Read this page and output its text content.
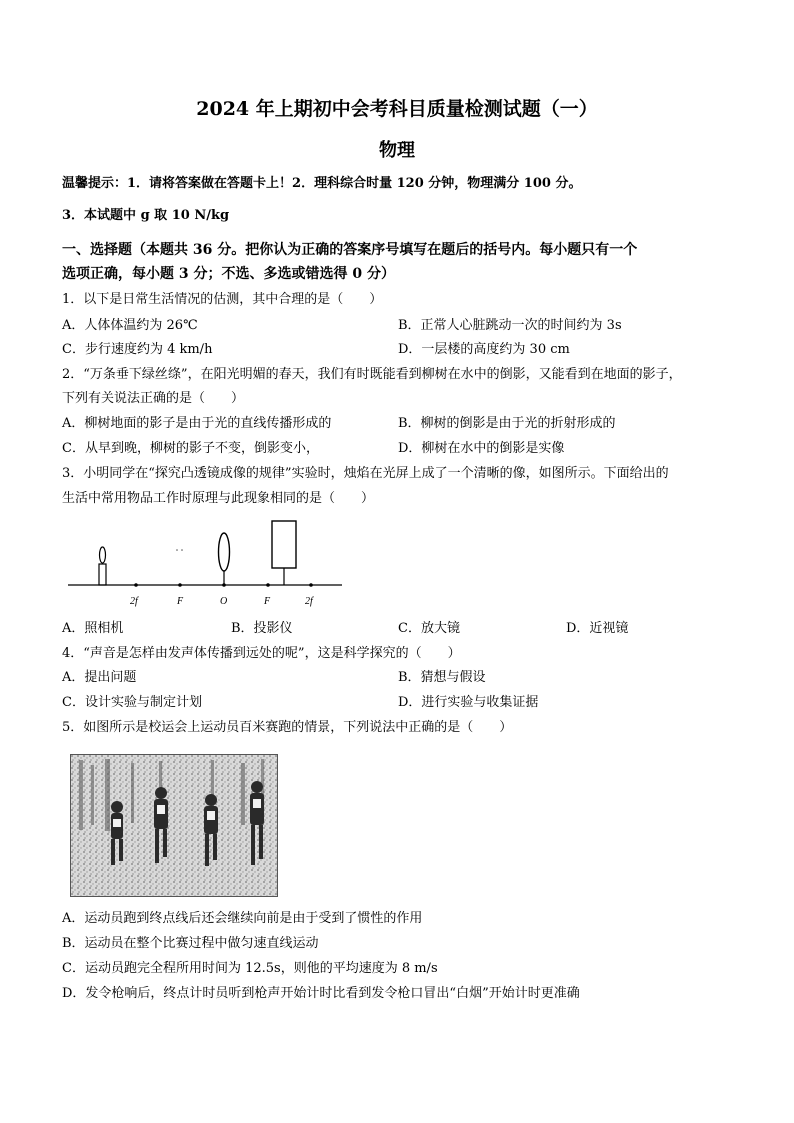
2024 年上期初中会考科目质量检测试题（一）
物理
温馨提示：1．请将答案做在答题卡上！2．理科综合时量 120 分钟，物理满分 100 分。
3．本试题中 g 取 10 N/kg
一、选择题（本题共 36 分。把你认为正确的答案序号填写在题后的括号内。每小题只有一个
选项正确，每小题 3 分；不选、多选或错选得 0 分）
1．以下是日常生活情况的估测，其中合理的是（　　）
A．人体体温约为 26℃	B．正常人心脏跳动一次的时间约为 3s
C．步行速度约为 4 km/h	D．一层楼的高度约为 30 cm
2．“万条垂下绿丝绦”，在阳光明媚的春天，我们有时既能看到柳树在水中的倒影，又能看到在地面的影子，
下列有关说法正确的是（　　）
A．柳树地面的影子是由于光的直线传播形成的	B．柳树的倒影是由于光的折射形成的
C．从早到晚，柳树的影子不变，倒影变小，	D．柳树在水中的倒影是实像
3．小明同学在“探究凸透镜成像的规律”实验时，烛焰在光屏上成了一个清晰的像，如图所示。下面给出的
生活中常用物品工作时原理与此现象相同的是（　　）
2f	F	O	F	2f
A．照相机	B．投影仪	C．放大镜	D．近视镜
4．“声音是怎样由发声体传播到远处的呢”，这是科学探究的（　　）
A．提出问题	B．猜想与假设
C．设计实验与制定计划	D．进行实验与收集证据
5．如图所示是校运会上运动员百米赛跑的情景，下列说法中正确的是（　　）
A．运动员跑到终点线后还会继续向前是由于受到了惯性的作用
B．运动员在整个比赛过程中做匀速直线运动
C．运动员跑完全程所用时间为 12.5s，则他的平均速度为 8 m/s
D．发令枪响后，终点计时员听到枪声开始计时比看到发令枪口冒出“白烟”开始计时更准确
